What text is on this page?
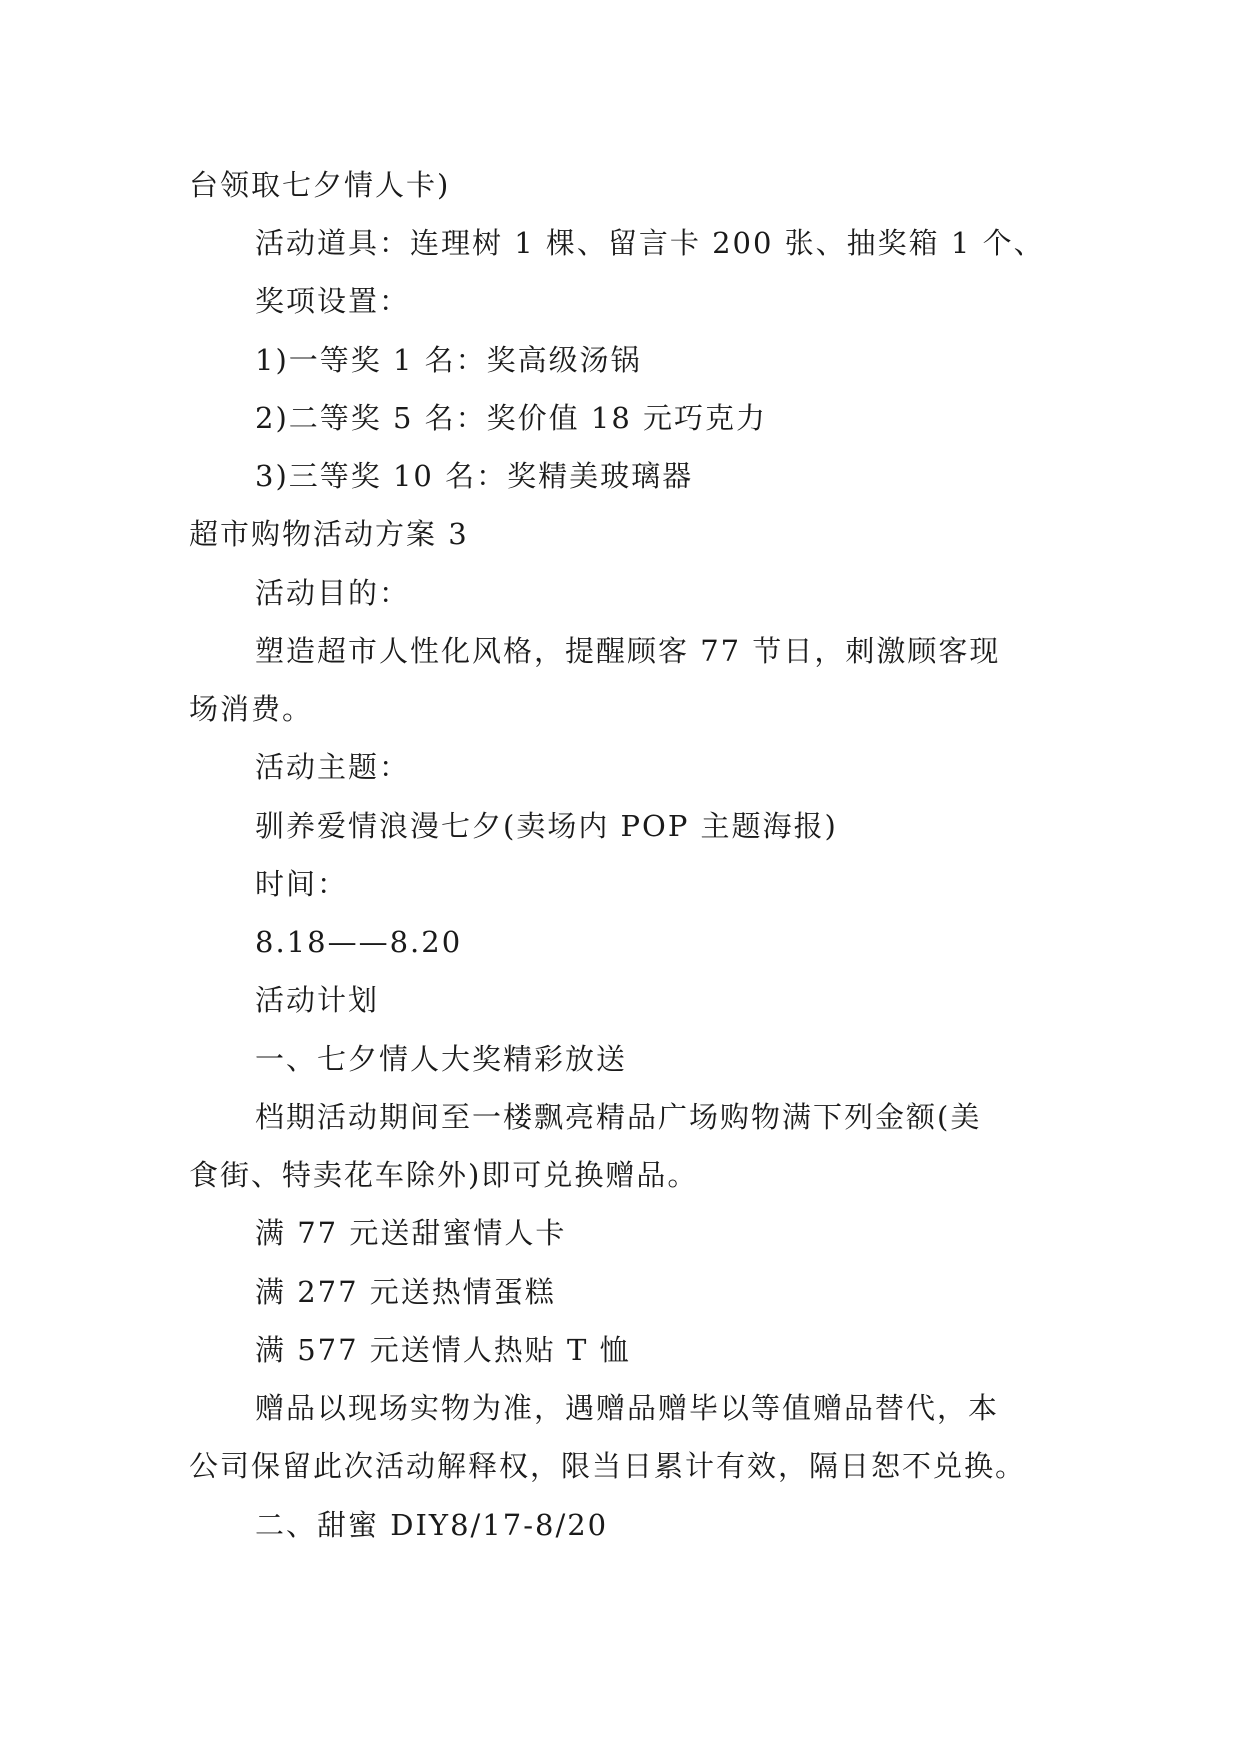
台领取七夕情人卡)
活动道具：连理树 1 棵、留言卡 200 张、抽奖箱 1 个、
奖项设置：
1)一等奖 1 名：奖高级汤锅
2)二等奖 5 名：奖价值 18 元巧克力
3)三等奖 10 名：奖精美玻璃器
超市购物活动方案 3
活动目的：
塑造超市人性化风格，提醒顾客 77 节日，刺激顾客现
场消费。
活动主题：
驯养爱情浪漫七夕(卖场内 POP 主题海报)
时间：
8.18——8.20
活动计划
一、七夕情人大奖精彩放送
档期活动期间至一楼飘亮精品广场购物满下列金额(美
食街、特卖花车除外)即可兑换赠品。
满 77 元送甜蜜情人卡
满 277 元送热情蛋糕
满 577 元送情人热贴 T 恤
赠品以现场实物为准，遇赠品赠毕以等值赠品替代，本
公司保留此次活动解释权，限当日累计有效，隔日恕不兑换。
二、甜蜜 DIY8/17-8/20
